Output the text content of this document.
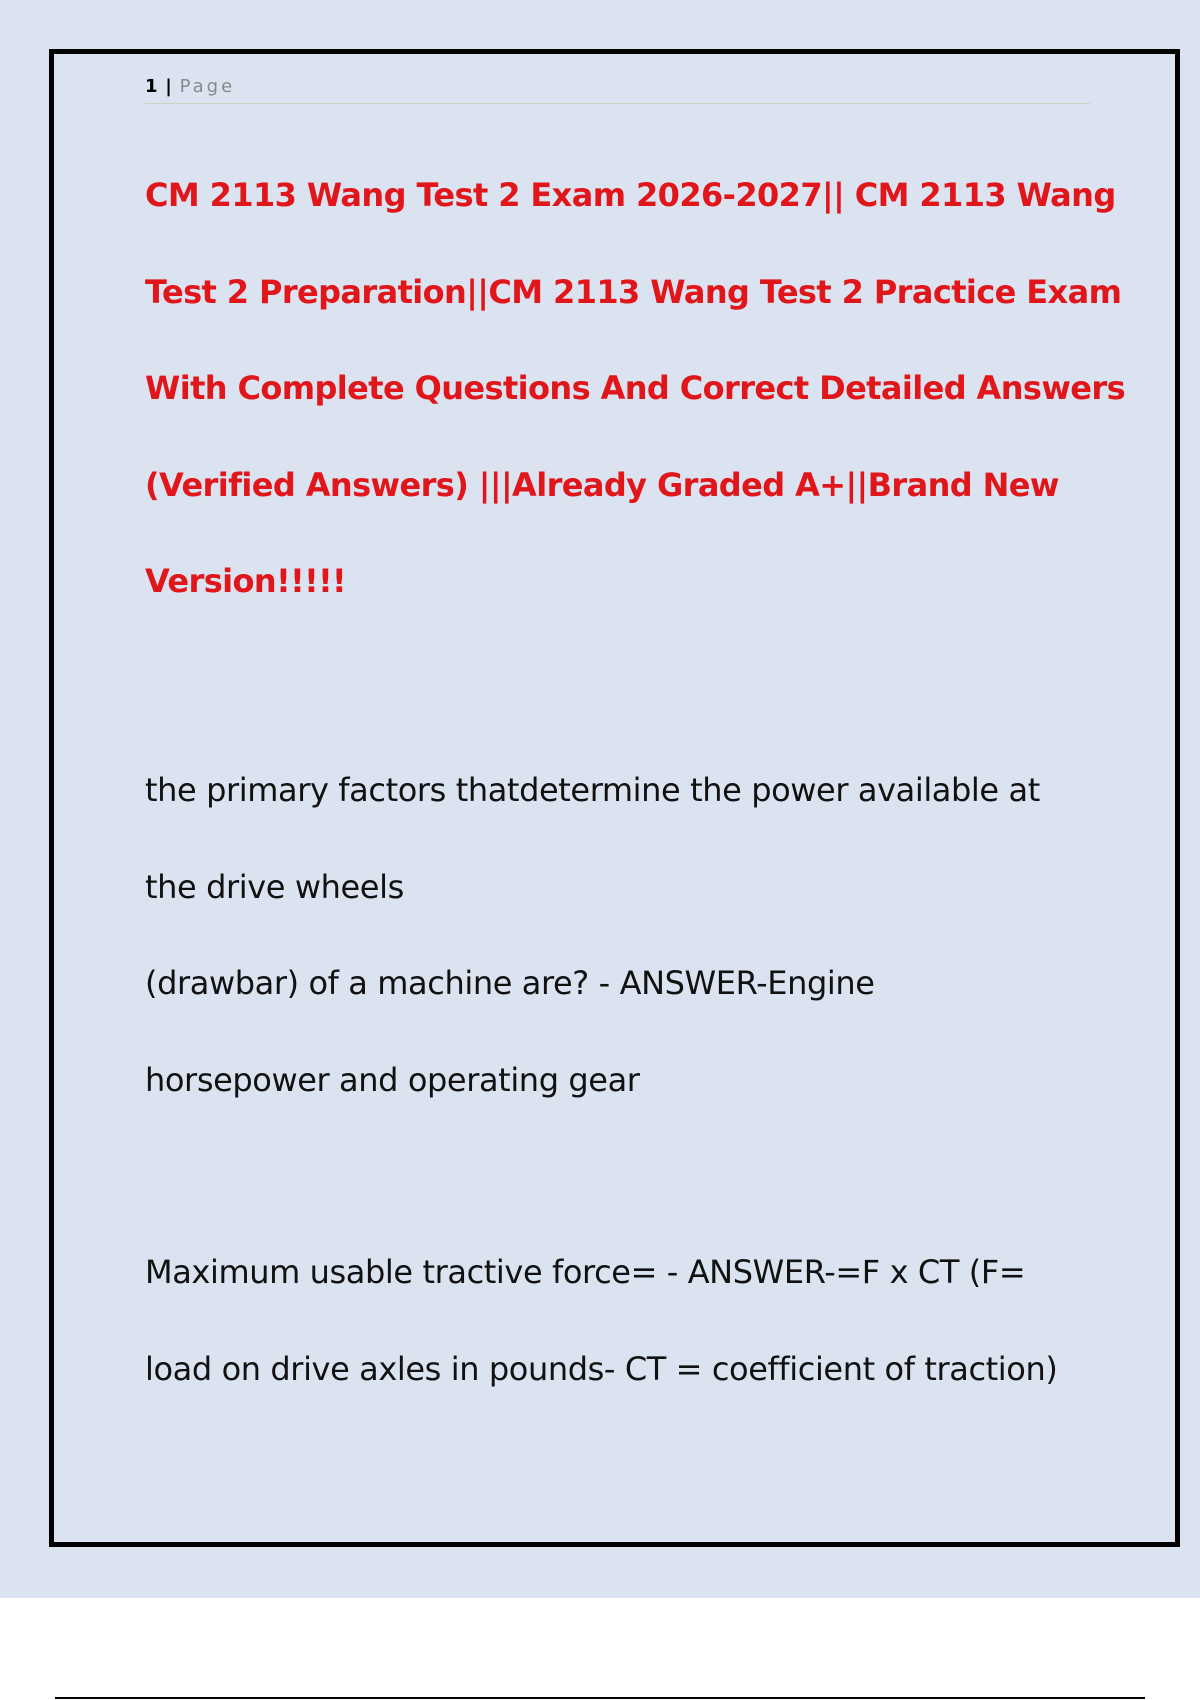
1 | Page
CM 2113 Wang Test 2 Exam 2026-2027|| CM 2113 Wang
Test 2 Preparation||CM 2113 Wang Test 2 Practice Exam
With Complete Questions And Correct Detailed Answers
(Verified Answers) |||Already Graded A+||Brand New
Version!!!!!

the primary factors thatdetermine the power available at
the drive wheels
(drawbar) of a machine are? - ANSWER-Engine
horsepower and operating gear

Maximum usable tractive force= - ANSWER-=F x CT (F=
load on drive axles in pounds- CT = coefficient of traction)
